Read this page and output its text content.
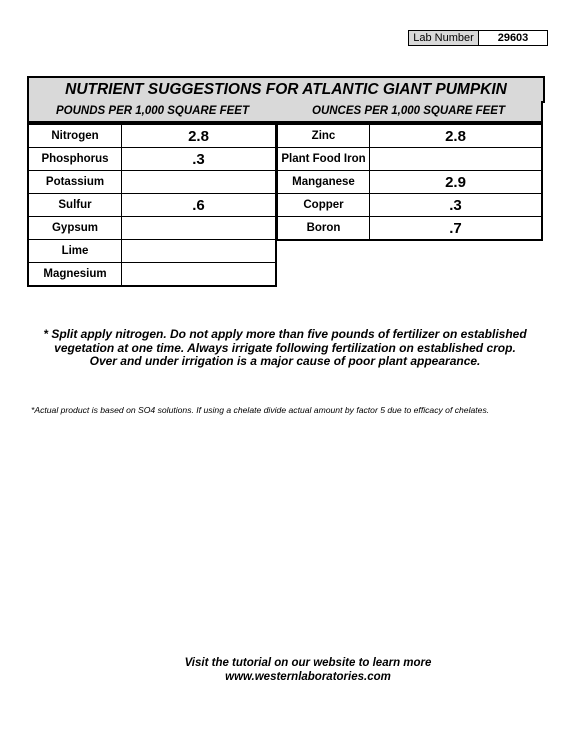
Lab Number	29603
NUTRIENT SUGGESTIONS FOR ATLANTIC GIANT PUMPKIN
POUNDS PER 1,000 SQUARE FEET	OUNCES PER 1,000 SQUARE FEET
Nitrogen	2.8
Phosphorus	.3
Potassium	
Sulfur	.6
Gypsum	
Lime	
Magnesium	
Zinc	2.8
Plant Food Iron	
Manganese	2.9
Copper	.3
Boron	.7
* Split apply nitrogen. Do not apply more than five pounds of fertilizer on established vegetation at one time. Always irrigate following fertilization on established crop. Over and under irrigation is a major cause of poor plant appearance.
*Actual product is based on SO4 solutions. If using a chelate divide actual amount by factor 5 due to efficacy of chelates.
Visit the tutorial on our website to learn more
www.westernlaboratories.com
